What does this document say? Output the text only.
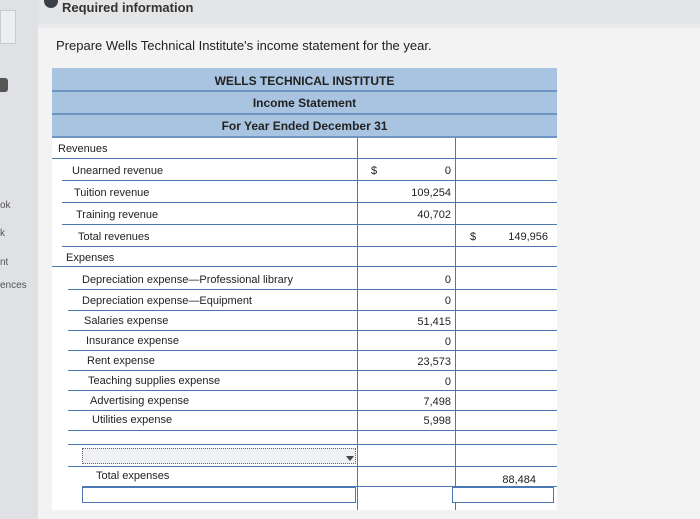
ok
k
nt
ences
Required information
Prepare Wells Technical Institute's income statement for the year.
WELLS TECHNICAL INSTITUTE
Income Statement
For Year Ended December 31
Revenues
Unearned revenue	$	0
Tuition revenue	109,254
Training revenue	40,702
Total revenues	$	149,956
Expenses
Depreciation expense—Professional library	0
Depreciation expense—Equipment	0
Salaries expense	51,415
Insurance expense	0
Rent expense	23,573
Teaching supplies expense	0
Advertising expense	7,498
Utilities expense	5,998
Total expenses	88,484
